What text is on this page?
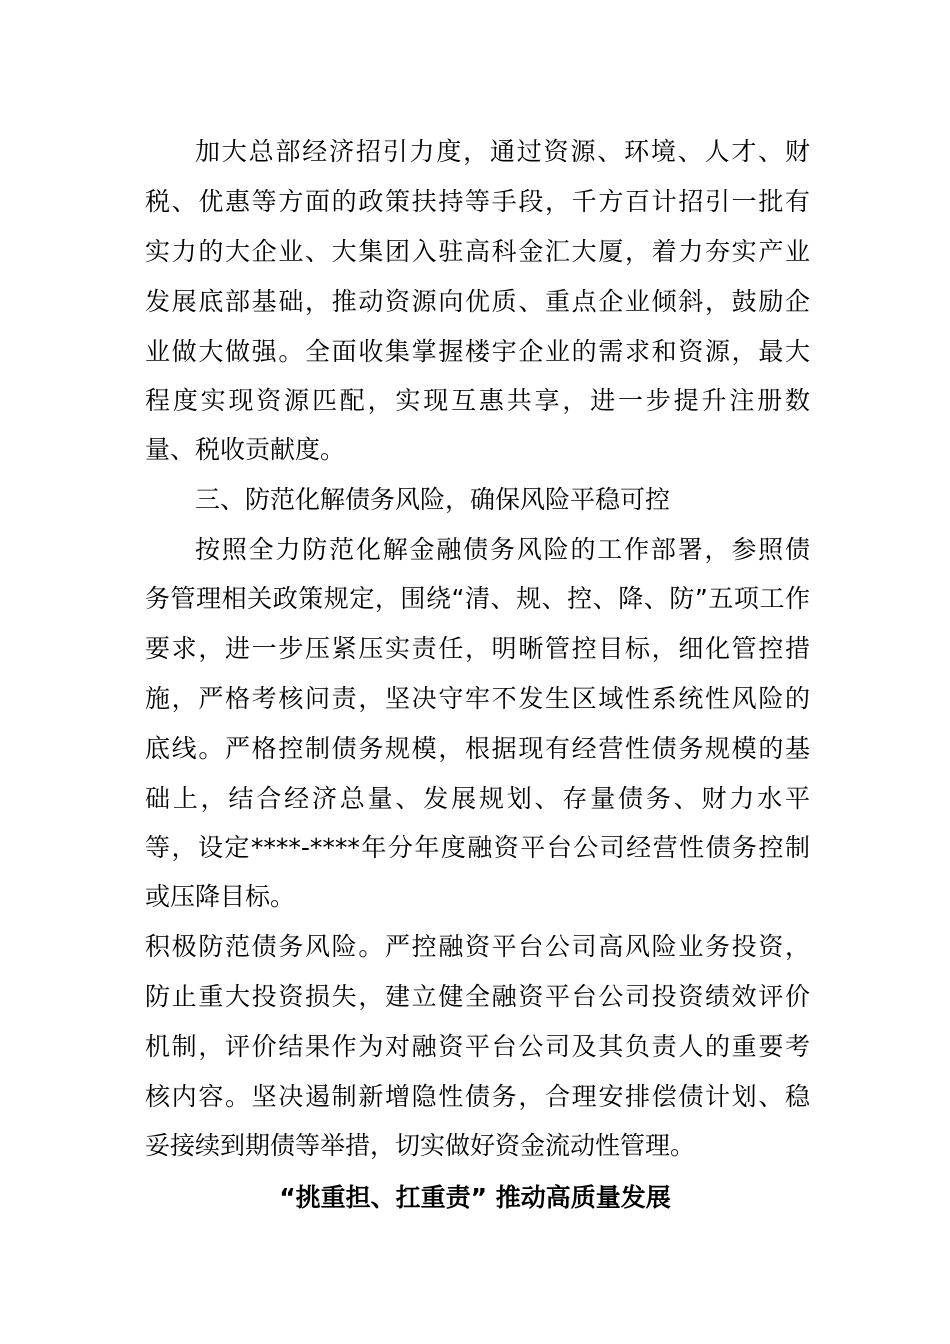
加大总部经济招引力度，通过资源、环境、人才、财
税、优惠等方面的政策扶持等手段，千方百计招引一批有
实力的大企业、大集团入驻高科金汇大厦，着力夯实产业
发展底部基础，推动资源向优质、重点企业倾斜，鼓励企
业做大做强。全面收集掌握楼宇企业的需求和资源，最大
程度实现资源匹配，实现互惠共享，进一步提升注册数
量、税收贡献度。
三、防范化解债务风险，确保风险平稳可控
按照全力防范化解金融债务风险的工作部署，参照债
务管理相关政策规定，围绕“清、规、控、降、防”五项工作
要求，进一步压紧压实责任，明晰管控目标，细化管控措
施，严格考核问责，坚决守牢不发生区域性系统性风险的
底线。严格控制债务规模，根据现有经营性债务规模的基
础上，结合经济总量、发展规划、存量债务、财力水平
等，设定****-****年分年度融资平台公司经营性债务控制
或压降目标。
积极防范债务风险。严控融资平台公司高风险业务投资，
防止重大投资损失，建立健全融资平台公司投资绩效评价
机制，评价结果作为对融资平台公司及其负责人的重要考
核内容。坚决遏制新增隐性债务，合理安排偿债计划、稳
妥接续到期债等举措，切实做好资金流动性管理。
“挑重担、扛重责” 推动高质量发展
